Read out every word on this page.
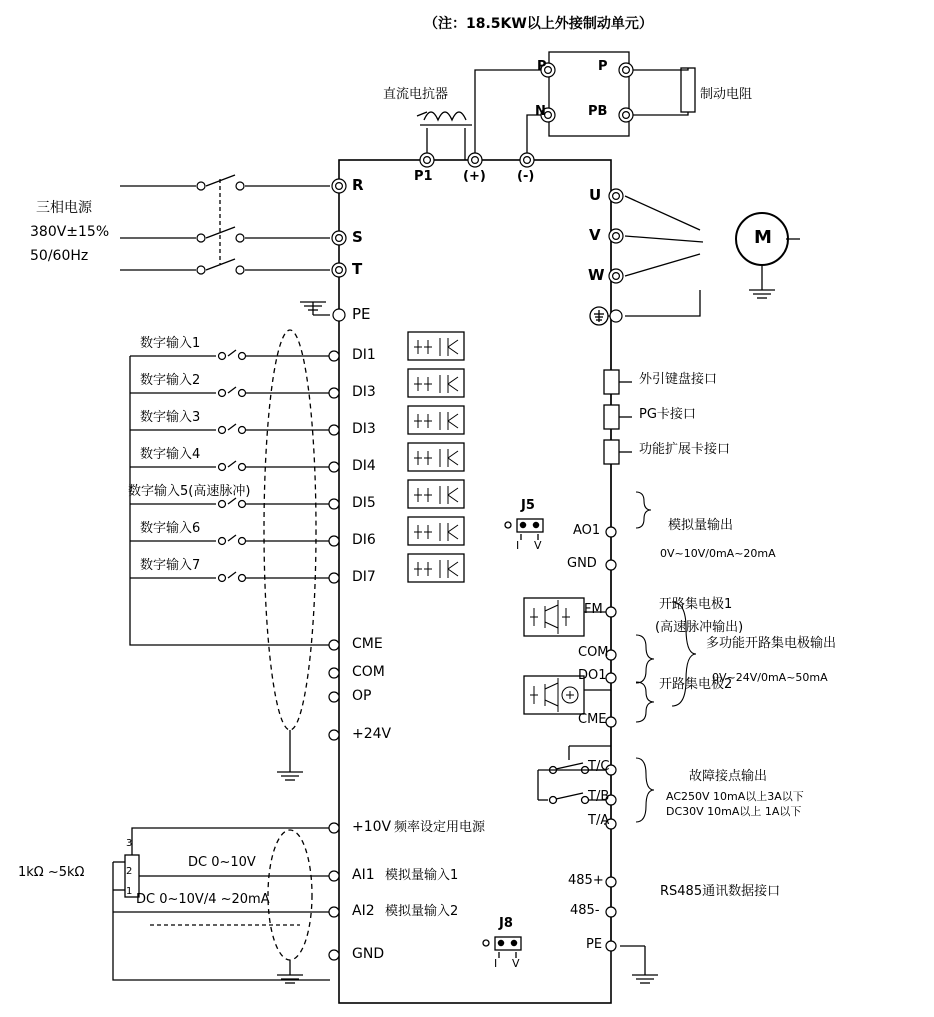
（注：18.5KW以上外接制动单元）
直流电抗器	制动电阻
P	P
N	PB
P1 (+) (-)
三相电源
380V±15%
50/60Hz
R
S
T
PE
U
V
W
M
数字输入1
数字输入2
数字输入3
数字输入4
数字输入5(高速脉冲)
数字输入6
数字输入7
DI1
DI3
DI3
DI4
DI5
DI6
DI7
CME
COM
OP
+24V
外引键盘接口
PG卡接口
功能扩展卡接口
J5
I V
AO1
GND
模拟量输出
0V~10V/0mA~20mA
FM
COM
DO1
CME
开路集电极1
(高速脉冲输出)
开路集电极2
多功能开路集电极输出
0V~24V/0mA~50mA
T/C
T/B
T/A
故障接点输出
AC250V 10mA以上3A以下
DC30V 10mA以上 1A以下
1kΩ ~5kΩ
3
2
1
DC 0~10V
DC 0~10V/4 ~20mA
+10V 频率设定用电源
AI1 模拟量输入1
AI2 模拟量输入2
GND
J8
I V
485+
485-
PE
RS485通讯数据接口
